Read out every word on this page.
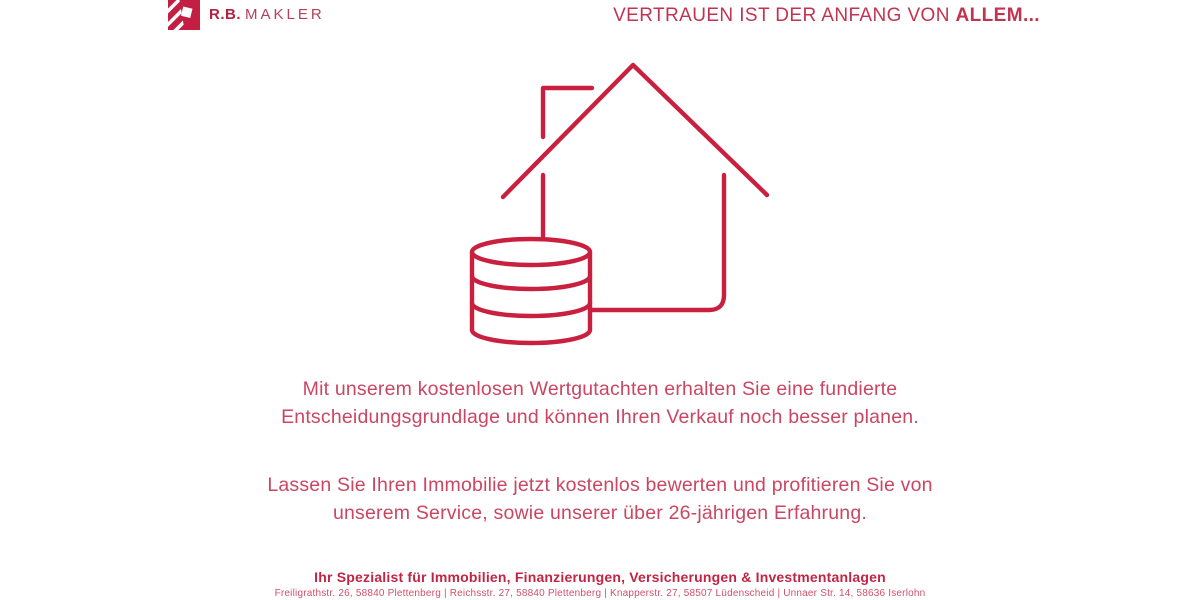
R.B. MAKLER	VERTRAUEN IST DER ANFANG VON ALLEM...
Mit unserem kostenlosen Wertgutachten erhalten Sie eine fundierte
Entscheidungsgrundlage und können Ihren Verkauf noch besser planen.
Lassen Sie Ihren Immobilie jetzt kostenlos bewerten und profitieren Sie von
unserem Service, sowie unserer über 26-jährigen Erfahrung.
Ihr Spezialist für Immobilien, Finanzierungen, Versicherungen & Investmentanlagen
Freiligrathstr. 26, 58840 Plettenberg | Reichsstr. 27, 58840 Plettenberg | Knapperstr. 27, 58507 Lüdenscheid | Unnaer Str. 14, 58636 Iserlohn
